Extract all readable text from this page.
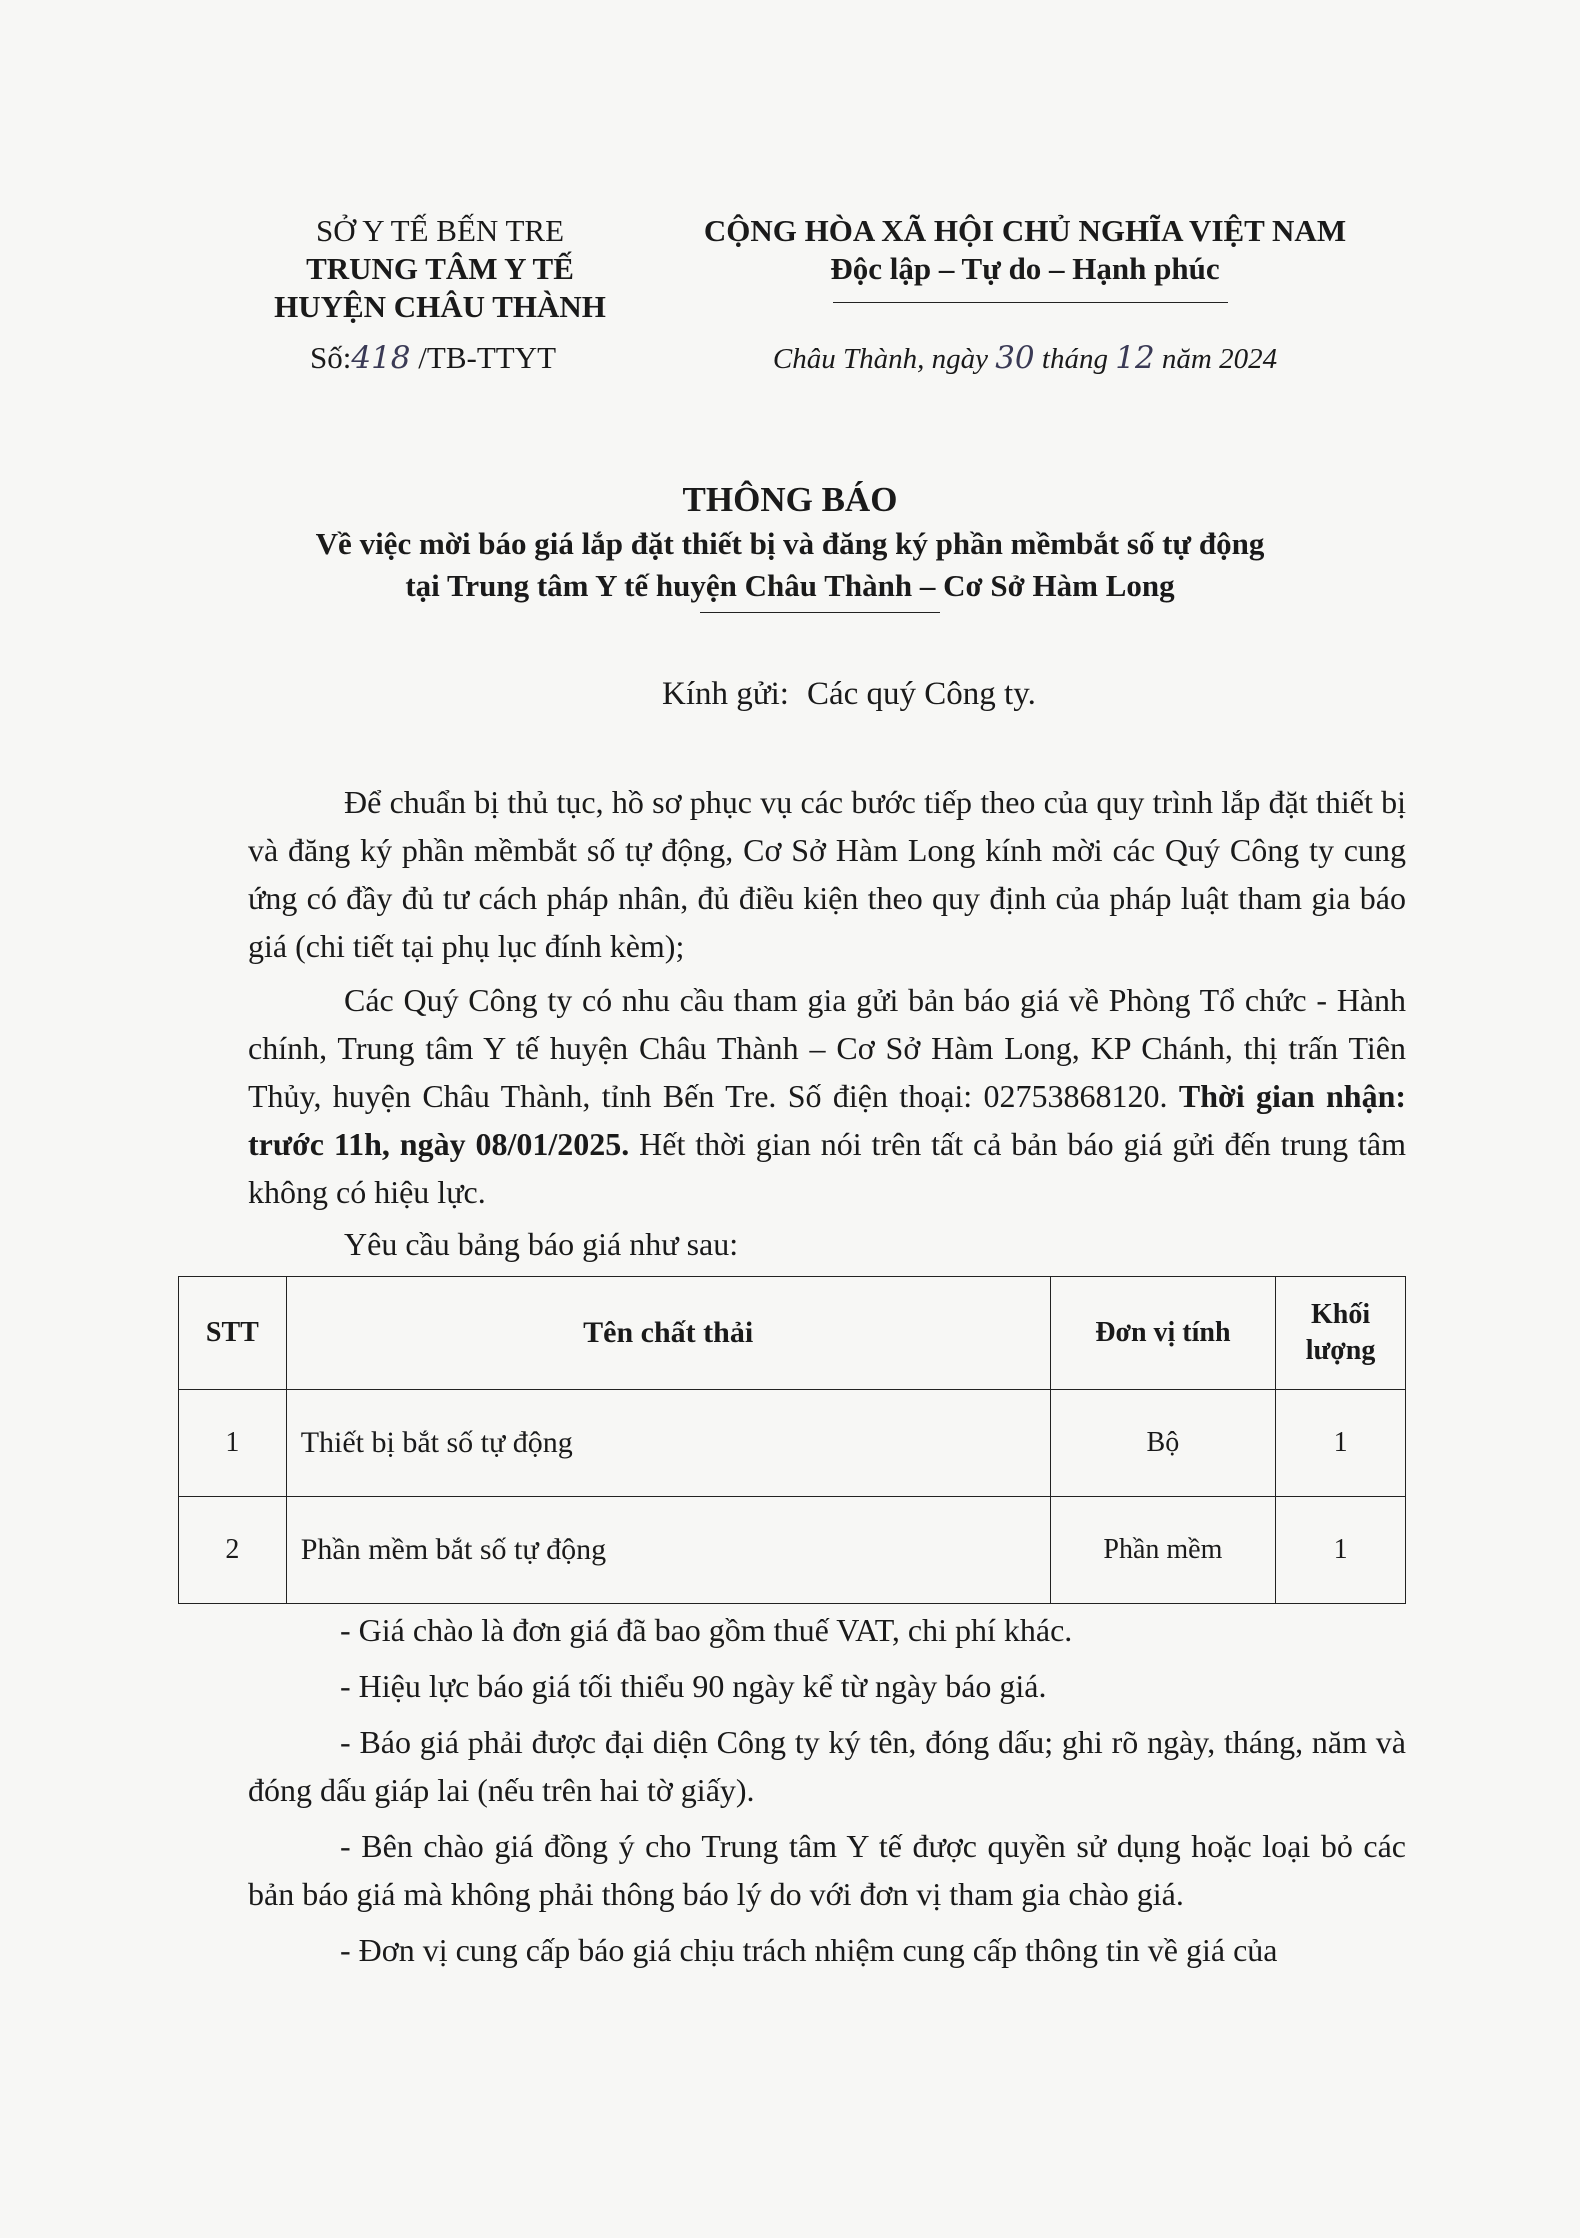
SỞ Y TẾ BẾN TRE
TRUNG TÂM Y TẾ
HUYỆN CHÂU THÀNH
Số:418 /TB-TTYT
CỘNG HÒA XÃ HỘI CHỦ NGHĨA VIỆT NAM
Độc lập – Tự do – Hạnh phúc
Châu Thành, ngày 30 tháng 12 năm 2024
THÔNG BÁO
Về việc mời báo giá lắp đặt thiết bị và đăng ký phần mềmbắt số tự động
tại Trung tâm Y tế huyện Châu Thành – Cơ Sở Hàm Long
Kính gửi: Các quý Công ty.

Để chuẩn bị thủ tục, hồ sơ phục vụ các bước tiếp theo của quy trình lắp đặt thiết bị và đăng ký phần mềmbắt số tự động, Cơ Sở Hàm Long kính mời các Quý Công ty cung ứng có đầy đủ tư cách pháp nhân, đủ điều kiện theo quy định của pháp luật tham gia báo giá (chi tiết tại phụ lục đính kèm);

Các Quý Công ty có nhu cầu tham gia gửi bản báo giá về Phòng Tổ chức - Hành chính, Trung tâm Y tế huyện Châu Thành – Cơ Sở Hàm Long, KP Chánh, thị trấn Tiên Thủy, huyện Châu Thành, tỉnh Bến Tre. Số điện thoại: 02753868120. Thời gian nhận: trước 11h, ngày 08/01/2025. Hết thời gian nói trên tất cả bản báo giá gửi đến trung tâm không có hiệu lực.

Yêu cầu bảng báo giá như sau:

STT	Tên chất thải	Đơn vị tính	Khối lượng
1	Thiết bị bắt số tự động	Bộ	1
2	Phần mềm bắt số tự động	Phần mềm	1

- Giá chào là đơn giá đã bao gồm thuế VAT, chi phí khác.

- Hiệu lực báo giá tối thiểu 90 ngày kể từ ngày báo giá.

- Báo giá phải được đại diện Công ty ký tên, đóng dấu; ghi rõ ngày, tháng, năm và đóng dấu giáp lai (nếu trên hai tờ giấy).

- Bên chào giá đồng ý cho Trung tâm Y tế được quyền sử dụng hoặc loại bỏ các bản báo giá mà không phải thông báo lý do với đơn vị tham gia chào giá.

- Đơn vị cung cấp báo giá chịu trách nhiệm cung cấp thông tin về giá của
